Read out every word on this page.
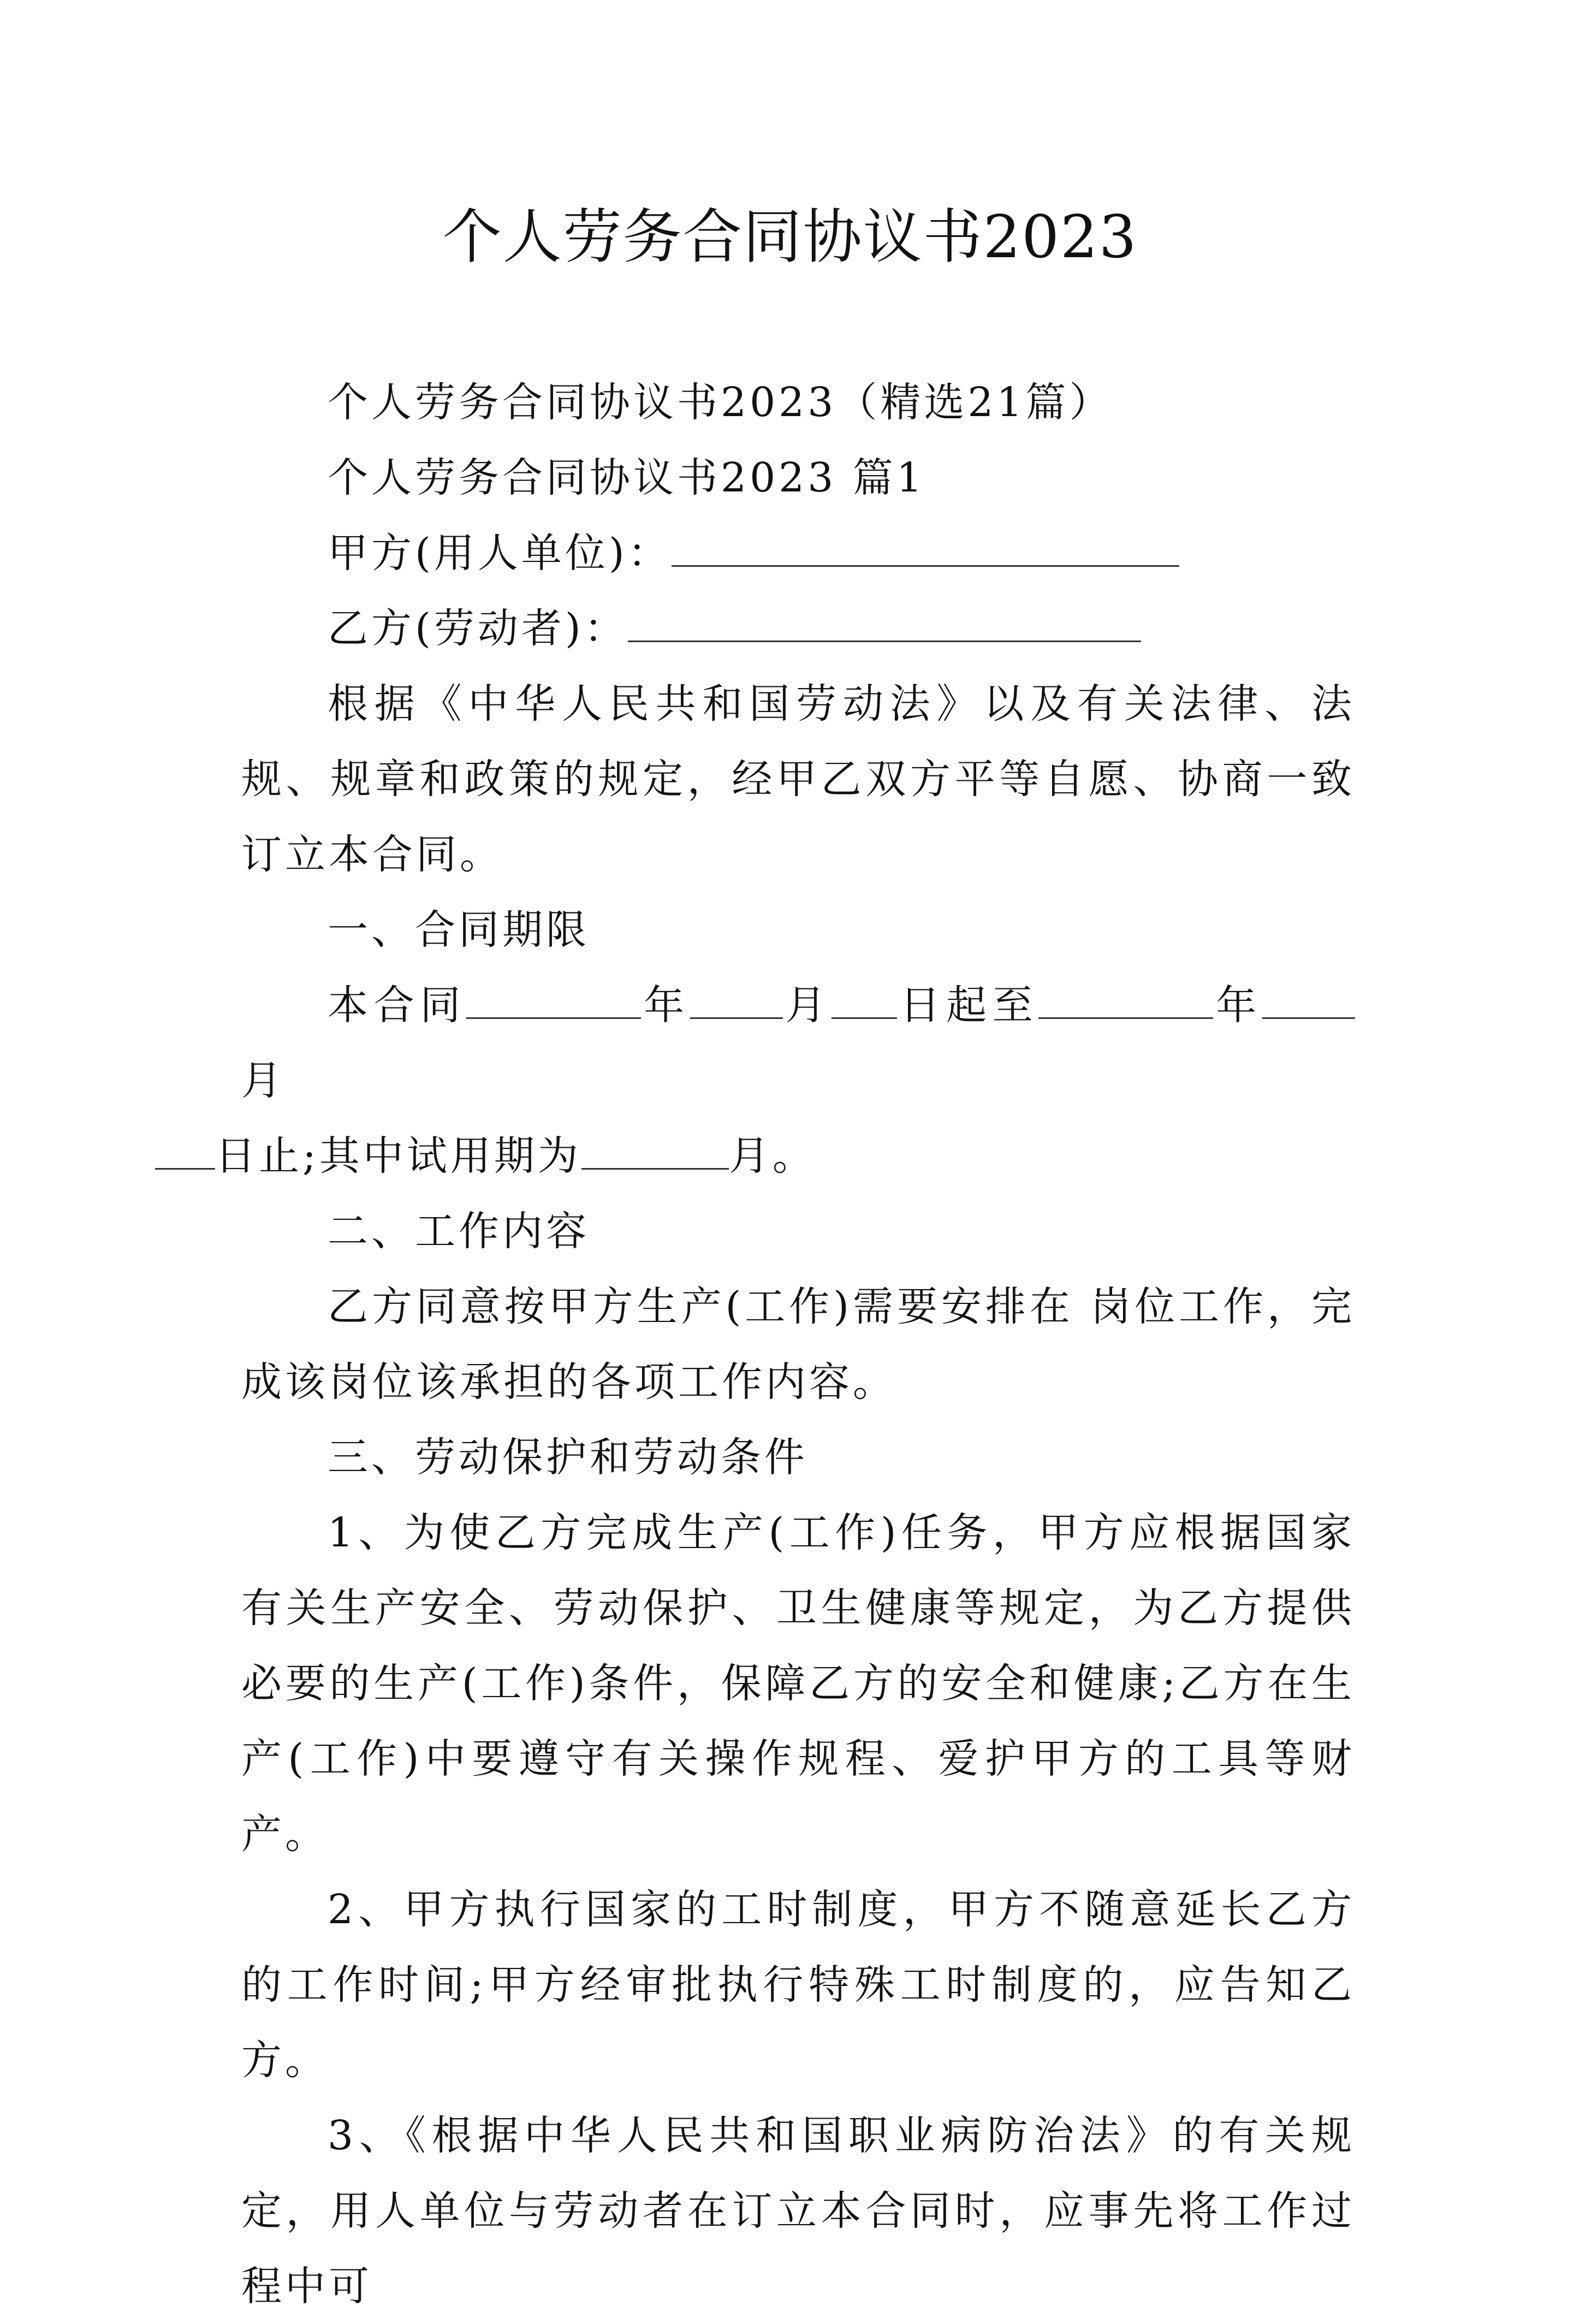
个人劳务合同协议书2023

个人劳务合同协议书2023（精选21篇）

个人劳务合同协议书2023 篇1

甲方(用人单位)：

乙方(劳动者)：

根据《中华人民共和国劳动法》以及有关法律、法规、规章和政策的规定，经甲乙双方平等自愿、协商一致订立本合同。

一、合同期限

本合同	年 月 日起至	年月
日止;其中试用期为	月。

二、工作内容

乙方同意按甲方生产(工作)需要安排在 岗位工作，完成该岗位该承担的各项工作内容。

三、劳动保护和劳动条件

1、为使乙方完成生产(工作)任务，甲方应根据国家有关生产安全、劳动保护、卫生健康等规定，为乙方提供必要的生产(工作)条件，保障乙方的安全和健康;乙方在生产(工作)中要遵守有关操作规程、爱护甲方的工具等财产。

2、甲方执行国家的工时制度，甲方不随意延长乙方的工作时间;甲方经审批执行特殊工时制度的，应告知乙方。

3、《根据中华人民共和国职业病防治法》的有关规定，用人单位与劳动者在订立本合同时，应事先将工作过程中可
